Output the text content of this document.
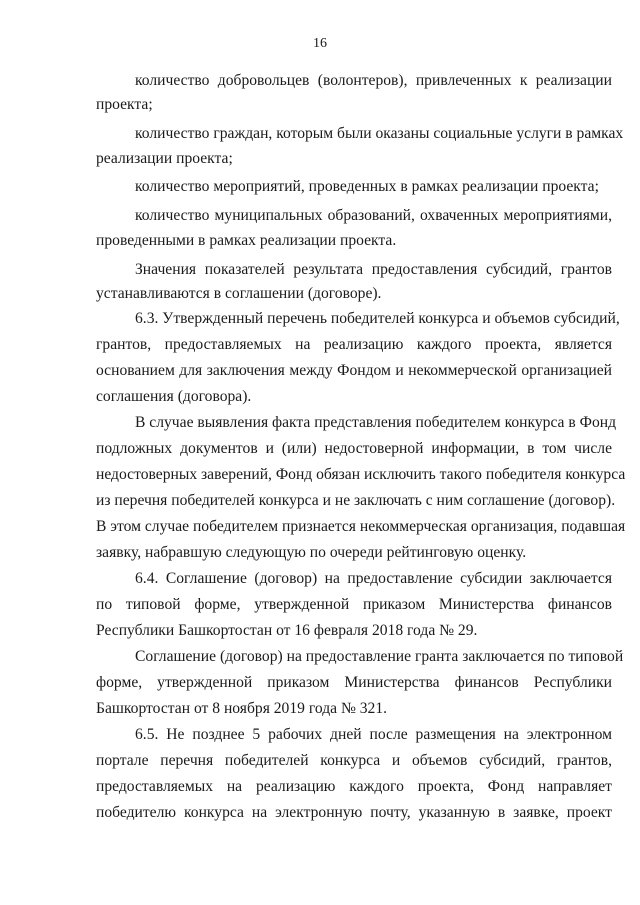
16
количество добровольцев (волонтеров), привлеченных к реализации
проекта;
количество граждан, которым были оказаны социальные услуги в рамках
реализации проекта;
количество мероприятий, проведенных в рамках реализации проекта;
количество муниципальных образований, охваченных мероприятиями,
проведенными в рамках реализации проекта.
Значения показателей результата предоставления субсидий, грантов
устанавливаются в соглашении (договоре).
6.3. Утвержденный перечень победителей конкурса и объемов субсидий,
грантов, предоставляемых на реализацию каждого проекта, является
основанием для заключения между Фондом и некоммерческой организацией
соглашения (договора).
В случае выявления факта представления победителем конкурса в Фонд
подложных документов и (или) недостоверной информации, в том числе
недостоверных заверений, Фонд обязан исключить такого победителя конкурса
из перечня победителей конкурса и не заключать с ним соглашение (договор).
В этом случае победителем признается некоммерческая организация, подавшая
заявку, набравшую следующую по очереди рейтинговую оценку.
6.4. Соглашение (договор) на предоставление субсидии заключается
по типовой форме, утвержденной приказом Министерства финансов
Республики Башкортостан от 16 февраля 2018 года № 29.
Соглашение (договор) на предоставление гранта заключается по типовой
форме, утвержденной приказом Министерства финансов Республики
Башкортостан от 8 ноября 2019 года № 321.
6.5. Не позднее 5 рабочих дней после размещения на электронном
портале перечня победителей конкурса и объемов субсидий, грантов,
предоставляемых на реализацию каждого проекта, Фонд направляет
победителю конкурса на электронную почту, указанную в заявке, проект
